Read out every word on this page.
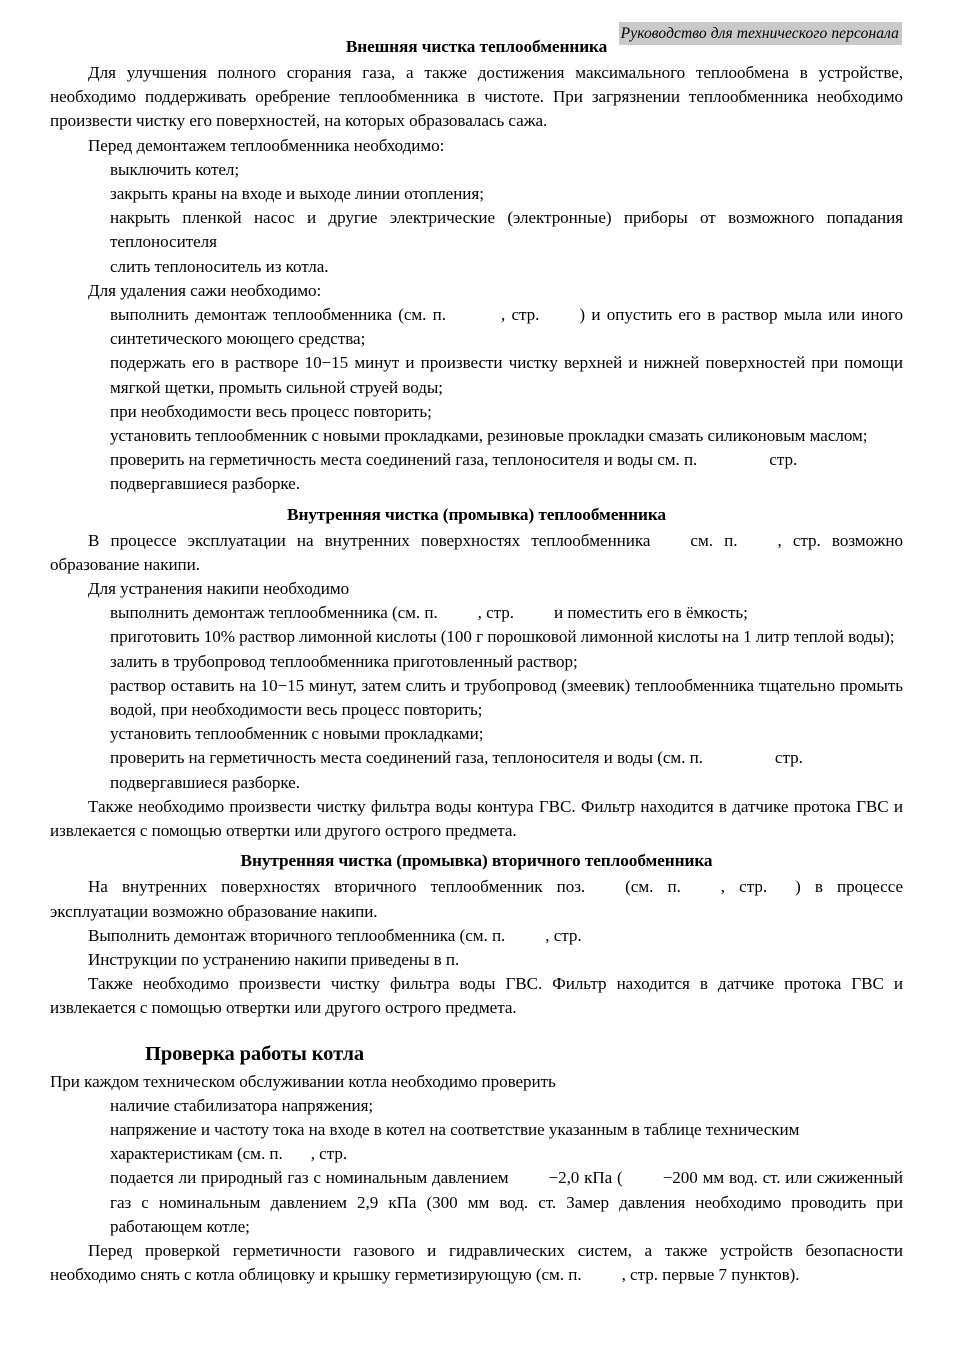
Руководство для технического персонала
Внешняя чистка теплообменника

Для улучшения полного сгорания газа, а также достижения максимального теплообмена в устройстве, необходимо поддерживать оребрение теплообменника в чистоте. При загрязнении теплообменника необходимо произвести чистку его поверхностей, на которых образовалась сажа.

Перед демонтажем теплообменника необходимо:

выключить котел;

закрыть краны на входе и выходе линии отопления;

накрыть пленкой насос и другие электрические (электронные) приборы от возможного попадания теплоносителя

слить теплоноситель из котла.

Для удаления сажи необходимо:

выполнить демонтаж теплообменника (см. п.	, стр. ) и опустить его в раствор мыла или иного синтетического моющего средства;

подержать его в растворе 10−15 минут и произвести чистку верхней и нижней поверхностей при помощи мягкой щетки, промыть сильной струей воды;

при необходимости весь процесс повторить;

установить теплообменник с новыми прокладками, резиновые прокладки смазать силиконовым маслом;

проверить на герметичность места соединений газа, теплоносителя и воды см. п.	стр. подвергавшиеся разборке.

Внутренняя чистка (промывка) теплообменника

В процессе эксплуатации на внутренних поверхностях теплообменника см. п. , стр. возможно образование накипи.

Для устранения накипи необходимо

выполнить демонтаж теплообменника (см. п. , стр. и поместить его в ёмкость;

приготовить 10% раствор лимонной кислоты (100 г порошковой лимонной кислоты на 1 литр теплой воды);

залить в трубопровод теплообменника приготовленный раствор;

раствор оставить на 10−15 минут, затем слить и трубопровод (змеевик) теплообменника тщательно промыть водой, при необходимости весь процесс повторить;

установить теплообменник с новыми прокладками;

проверить на герметичность места соединений газа, теплоносителя и воды (см. п.	стр. подвергавшиеся разборке.

Также необходимо произвести чистку фильтра воды контура ГВС. Фильтр находится в датчике протока ГВС и извлекается с помощью отвертки или другого острого предмета.

Внутренняя чистка (промывка) вторичного теплообменника

На внутренних поверхностях вторичного теплообменник поз. (см. п. , стр. ) в процессе эксплуатации возможно образование накипи.

Выполнить демонтаж вторичного теплообменника (см. п. , стр.

Инструкции по устранению накипи приведены в п.

Также необходимо произвести чистку фильтра воды ГВС. Фильтр находится в датчике протока ГВС и извлекается с помощью отвертки или другого острого предмета.

Проверка работы котла

При каждом техническом обслуживании котла необходимо проверить

наличие стабилизатора напряжения;

напряжение и частоту тока на входе в котел на соответствие указанным в таблице техническим характеристикам (см. п. , стр.

подается ли природный газ с номинальным давлением −2,0 кПа ( −200 мм вод. ст. или сжиженный газ с номинальным давлением 2,9 кПа (300 мм вод. ст. Замер давления необходимо проводить при работающем котле;

Перед проверкой герметичности газового и гидравлических систем, а также устройств безопасности необходимо снять с котла облицовку и крышку герметизирующую (см. п. , стр. первые 7 пунктов).
